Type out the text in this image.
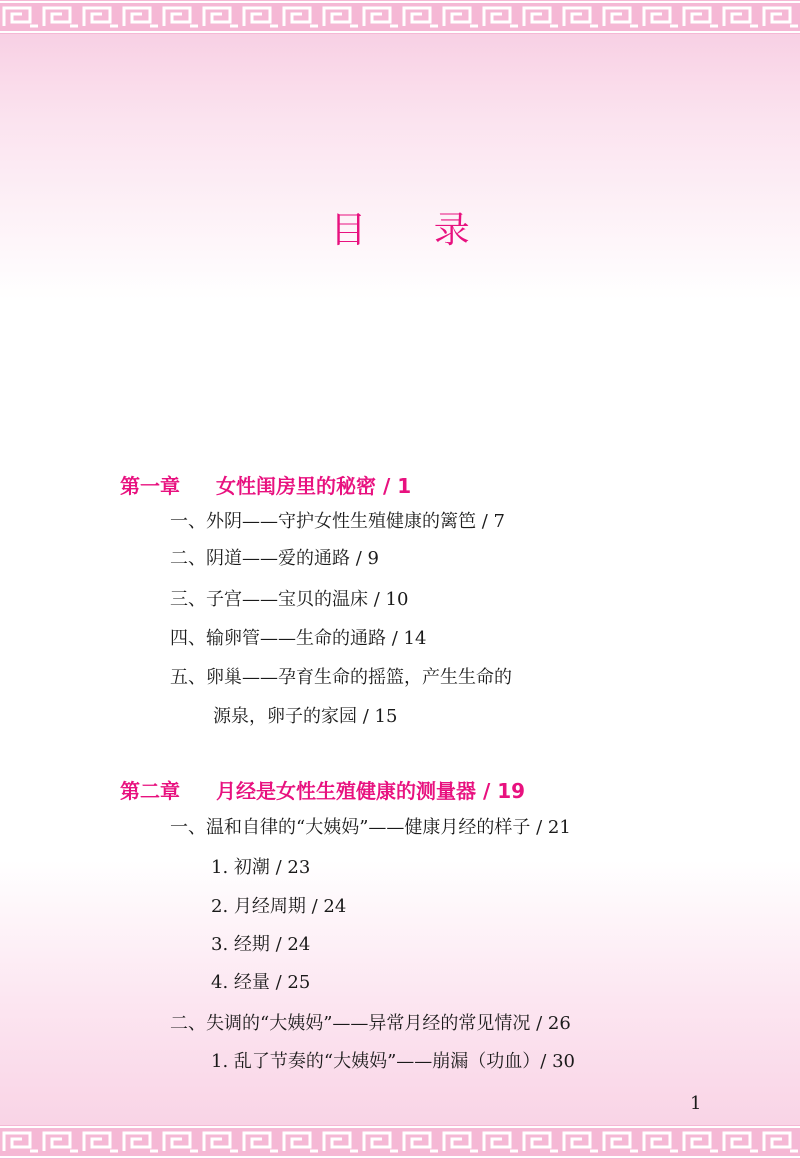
目 录
第一章 女性闺房里的秘密 / 1
一、外阴——守护女性生殖健康的篱笆 / 7
二、阴道——爱的通路 / 9
三、子宫——宝贝的温床 / 10
四、输卵管——生命的通路 / 14
五、卵巢——孕育生命的摇篮，产生生命的
源泉，卵子的家园 / 15
第二章 月经是女性生殖健康的测量器 / 19
一、温和自律的“大姨妈”——健康月经的样子 / 21
1. 初潮 / 23
2. 月经周期 / 24
3. 经期 / 24
4. 经量 / 25
二、失调的“大姨妈”——异常月经的常见情况 / 26
1. 乱了节奏的“大姨妈”——崩漏（功血）/ 30
1
